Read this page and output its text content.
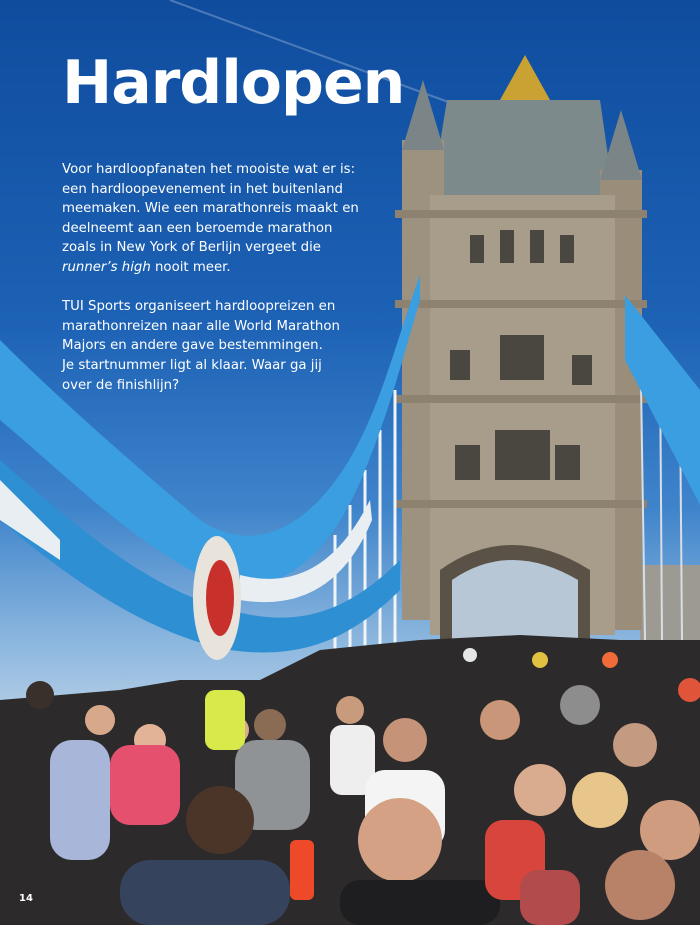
Hardlopen

Voor hardloopfanaten het mooiste wat er is:
een hardloopevenement in het buitenland
meemaken. Wie een marathonreis maakt en
deelneemt aan een beroemde marathon
zoals in New York of Berlijn vergeet die
runner’s high nooit meer.

TUI Sports organiseert hardloopreizen en
marathonreizen naar alle World Marathon
Majors en andere gave bestemmingen.
Je startnummer ligt al klaar. Waar ga jij
over de finishlijn?

14
